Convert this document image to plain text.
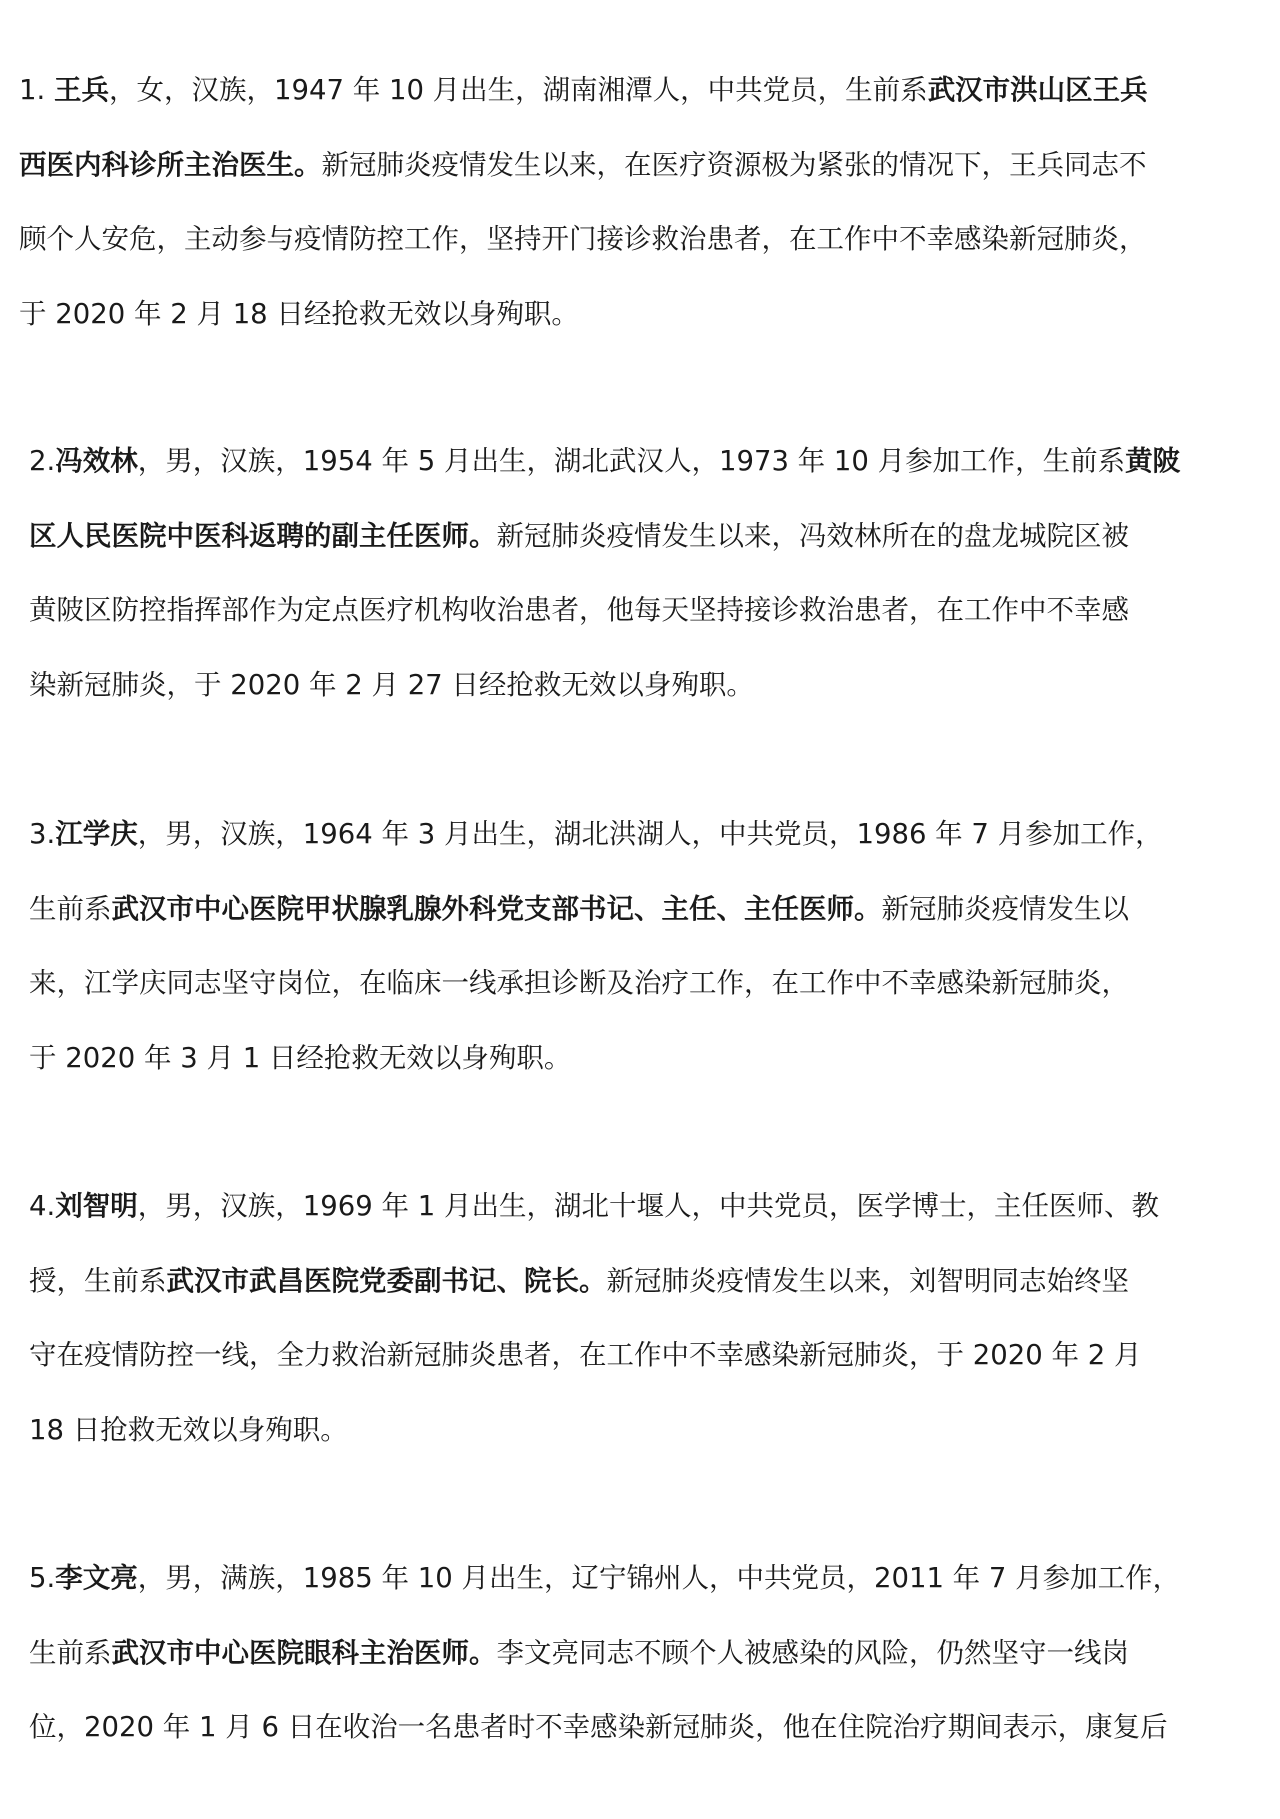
1. 王兵，女，汉族，1947 年 10 月出生，湖南湘潭人，中共党员，生前系武汉市洪山区王兵

西医内科诊所主治医生。新冠肺炎疫情发生以来，在医疗资源极为紧张的情况下，王兵同志不

顾个人安危，主动参与疫情防控工作，坚持开门接诊救治患者，在工作中不幸感染新冠肺炎，

于 2020 年 2 月 18 日经抢救无效以身殉职。

2.冯效林，男，汉族，1954 年 5 月出生，湖北武汉人，1973 年 10 月参加工作，生前系黄陂

区人民医院中医科返聘的副主任医师。新冠肺炎疫情发生以来，冯效林所在的盘龙城院区被

黄陂区防控指挥部作为定点医疗机构收治患者，他每天坚持接诊救治患者，在工作中不幸感

染新冠肺炎，于 2020 年 2 月 27 日经抢救无效以身殉职。

3.江学庆，男，汉族，1964 年 3 月出生，湖北洪湖人，中共党员，1986 年 7 月参加工作，

生前系武汉市中心医院甲状腺乳腺外科党支部书记、主任、主任医师。新冠肺炎疫情发生以

来，江学庆同志坚守岗位，在临床一线承担诊断及治疗工作，在工作中不幸感染新冠肺炎，

于 2020 年 3 月 1 日经抢救无效以身殉职。

4.刘智明，男，汉族，1969 年 1 月出生，湖北十堰人，中共党员，医学博士，主任医师、教

授，生前系武汉市武昌医院党委副书记、院长。新冠肺炎疫情发生以来，刘智明同志始终坚

守在疫情防控一线，全力救治新冠肺炎患者，在工作中不幸感染新冠肺炎，于 2020 年 2 月

18 日抢救无效以身殉职。

5.李文亮，男，满族，1985 年 10 月出生，辽宁锦州人，中共党员，2011 年 7 月参加工作，

生前系武汉市中心医院眼科主治医师。李文亮同志不顾个人被感染的风险，仍然坚守一线岗

位，2020 年 1 月 6 日在收治一名患者时不幸感染新冠肺炎，他在住院治疗期间表示，康复后
